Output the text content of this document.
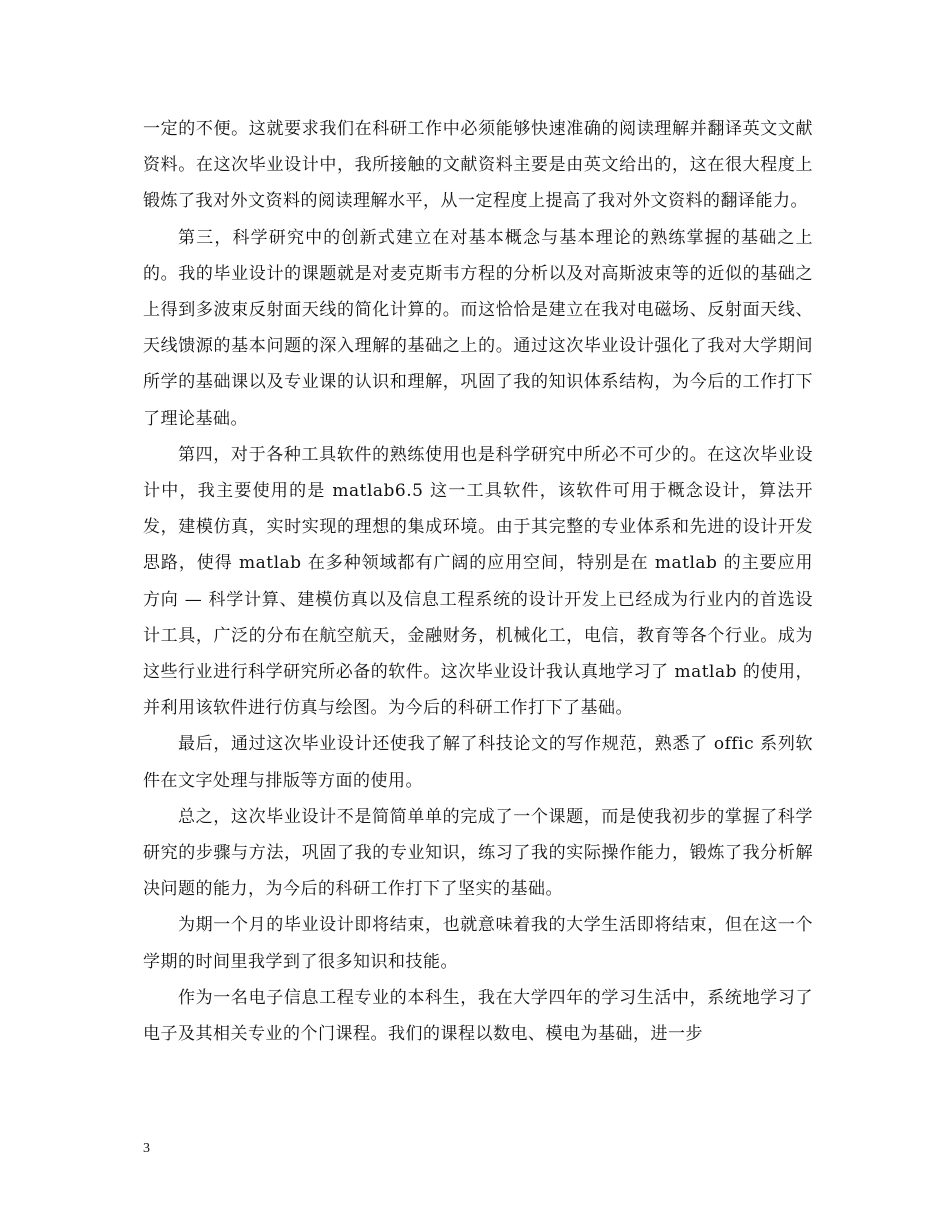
一定的不便。这就要求我们在科研工作中必须能够快速准确的阅读理解并翻译英文文献资料。在这次毕业设计中，我所接触的文献资料主要是由英文给出的，这在很大程度上锻炼了我对外文资料的阅读理解水平，从一定程度上提高了我对外文资料的翻译能力。

第三，科学研究中的创新式建立在对基本概念与基本理论的熟练掌握的基础之上的。我的毕业设计的课题就是对麦克斯韦方程的分析以及对高斯波束等的近似的基础之上得到多波束反射面天线的简化计算的。而这恰恰是建立在我对电磁场、反射面天线、天线馈源的基本问题的深入理解的基础之上的。通过这次毕业设计强化了我对大学期间所学的基础课以及专业课的认识和理解，巩固了我的知识体系结构，为今后的工作打下了理论基础。

第四，对于各种工具软件的熟练使用也是科学研究中所必不可少的。在这次毕业设计中，我主要使用的是 matlab6.5 这一工具软件，该软件可用于概念设计，算法开发，建模仿真，实时实现的理想的集成环境。由于其完整的专业体系和先进的设计开发思路，使得 matlab 在多种领域都有广阔的应用空间，特别是在 matlab 的主要应用方向 — 科学计算、建模仿真以及信息工程系统的设计开发上已经成为行业内的首选设计工具，广泛的分布在航空航天，金融财务，机械化工，电信，教育等各个行业。成为这些行业进行科学研究所必备的软件。这次毕业设计我认真地学习了 matlab 的使用，并利用该软件进行仿真与绘图。为今后的科研工作打下了基础。

最后，通过这次毕业设计还使我了解了科技论文的写作规范，熟悉了 offic 系列软件在文字处理与排版等方面的使用。

总之，这次毕业设计不是简简单单的完成了一个课题，而是使我初步的掌握了科学研究的步骤与方法，巩固了我的专业知识，练习了我的实际操作能力，锻炼了我分析解决问题的能力，为今后的科研工作打下了坚实的基础。

为期一个月的毕业设计即将结束，也就意味着我的大学生活即将结束，但在这一个学期的时间里我学到了很多知识和技能。

作为一名电子信息工程专业的本科生，我在大学四年的学习生活中，系统地学习了电子及其相关专业的个门课程。我们的课程以数电、模电为基础，进一步

3
